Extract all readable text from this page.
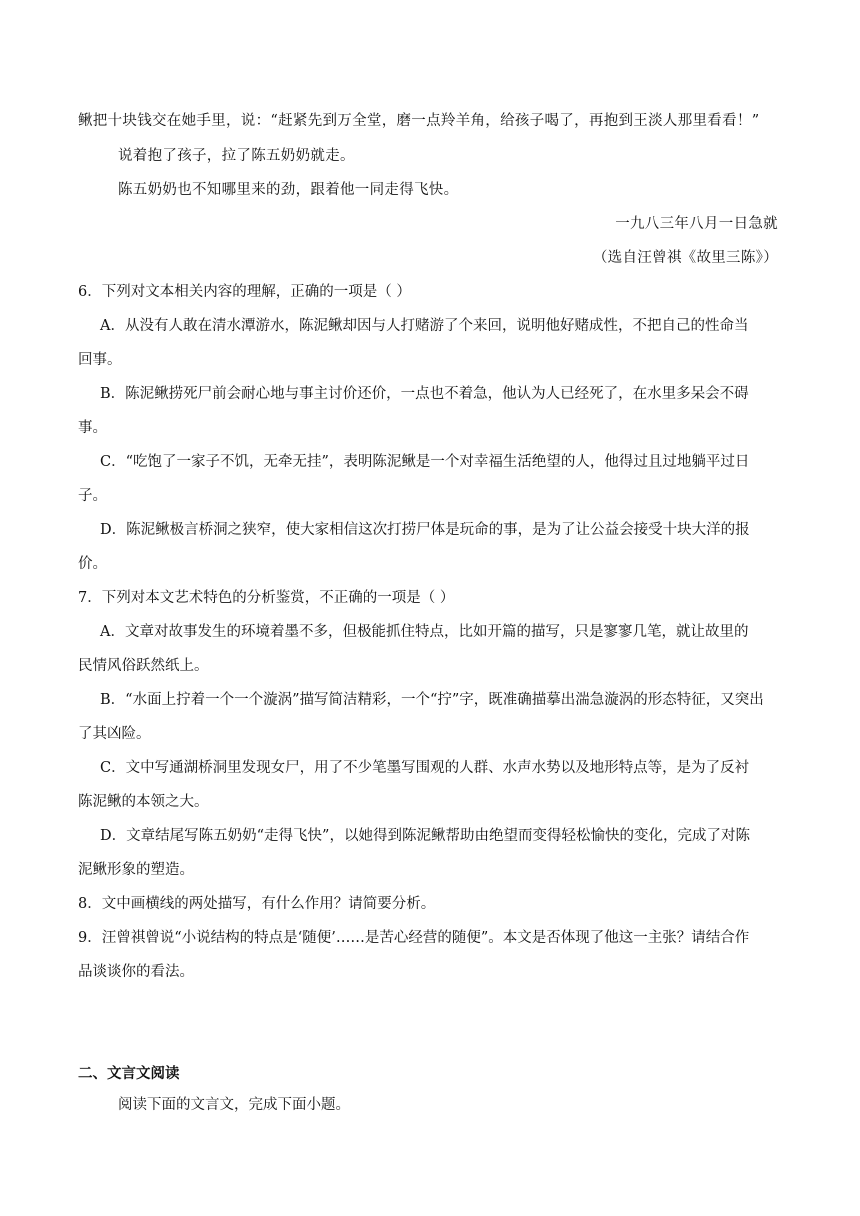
鳅把十块钱交在她手里，说：“赶紧先到万全堂，磨一点羚羊角，给孩子喝了，再抱到王淡人那里看看！”
说着抱了孩子，拉了陈五奶奶就走。
陈五奶奶也不知哪里来的劲，跟着他一同走得飞快。
一九八三年八月一日急就
（选自汪曾祺《故里三陈》）
6．下列对文本相关内容的理解，正确的一项是（ ）
A．从没有人敢在清水潭游水，陈泥鳅却因与人打赌游了个来回，说明他好赌成性，不把自己的性命当
回事。
B．陈泥鳅捞死尸前会耐心地与事主讨价还价，一点也不着急，他认为人已经死了，在水里多呆会不碍
事。
C．“吃饱了一家子不饥，无牵无挂”，表明陈泥鳅是一个对幸福生活绝望的人，他得过且过地躺平过日
子。
D．陈泥鳅极言桥洞之狭窄，使大家相信这次打捞尸体是玩命的事，是为了让公益会接受十块大洋的报
价。
7．下列对本文艺术特色的分析鉴赏，不正确的一项是（ ）
A．文章对故事发生的环境着墨不多，但极能抓住特点，比如开篇的描写，只是寥寥几笔，就让故里的
民情风俗跃然纸上。
B．“水面上拧着一个一个漩涡”描写简洁精彩，一个“拧”字，既准确描摹出湍急漩涡的形态特征，又突出
了其凶险。
C．文中写通湖桥洞里发现女尸，用了不少笔墨写围观的人群、水声水势以及地形特点等，是为了反衬
陈泥鳅的本领之大。
D．文章结尾写陈五奶奶“走得飞快”，以她得到陈泥鳅帮助由绝望而变得轻松愉快的变化，完成了对陈
泥鳅形象的塑造。
8．文中画横线的两处描写，有什么作用？请简要分析。
9．汪曾祺曾说“小说结构的特点是‘随便’……是苦心经营的随便”。本文是否体现了他这一主张？请结合作
品谈谈你的看法。
二、文言文阅读
阅读下面的文言文，完成下面小题。
